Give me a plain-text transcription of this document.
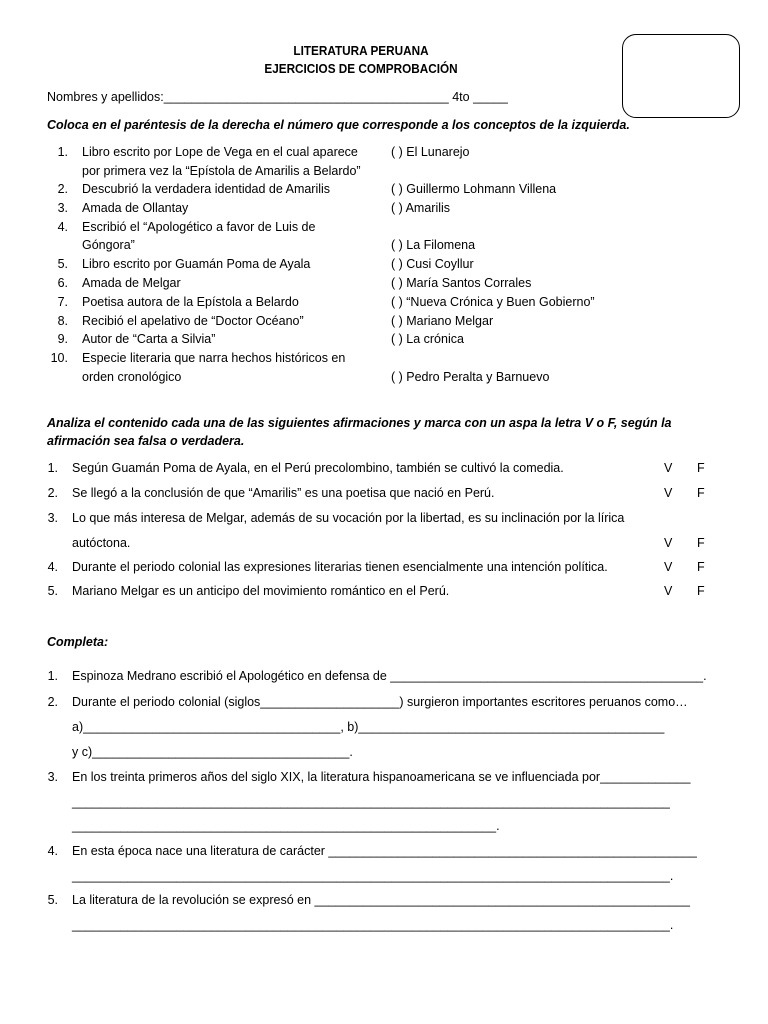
LITERATURA PERUANA
EJERCICIOS DE COMPROBACIÓN
Nombres y apellidos:_________________________________________ 4to _____
Coloca en el paréntesis de la derecha el número que corresponde a los conceptos de la izquierda.
1. Libro escrito por Lope de Vega en el cual aparece
por primera vez la “Epístola de Amarilis a Belardo”
( ) El Lunarejo
2. Descubrió la verdadera identidad de Amarilis	( ) Guillermo Lohmann Villena
3. Amada de Ollantay	( ) Amarilis
4. Escribió el “Apologético a favor de Luis de
Góngora”	( ) La Filomena
5. Libro escrito por Guamán Poma de Ayala	( ) Cusi Coyllur
6. Amada de Melgar	( ) María Santos Corrales
7. Poetisa autora de la Epístola a Belardo	( ) “Nueva Crónica y Buen Gobierno”
8. Recibió el apelativo de “Doctor Océano”	( ) Mariano Melgar
9. Autor de “Carta a Silvia”	( ) La crónica
10. Especie literaria que narra hechos históricos en
orden cronológico	( ) Pedro Peralta y Barnuevo
Analiza el contenido cada una de las siguientes afirmaciones y marca con un aspa la letra V o F, según la
afirmación sea falsa o verdadera.
1. Según Guamán Poma de Ayala, en el Perú precolombino, también se cultivó la comedia.	V F
2. Se llegó a la conclusión de que “Amarilis” es una poetisa que nació en Perú.	V F
3. Lo que más interesa de Melgar, además de su vocación por la libertad, es su inclinación por la lírica
autóctona.	V F
4. Durante el periodo colonial las expresiones literarias tienen esencialmente una intención política.	V F
5. Mariano Melgar es un anticipo del movimiento romántico en el Perú.	V F
Completa:
1. Espinoza Medrano escribió el Apologético en defensa de _____________________________________________.
2. Durante el periodo colonial (siglos____________________) surgieron importantes escritores peruanos como…
a)_____________________________________, b)____________________________________________
y c)_____________________________________.
3. En los treinta primeros años del siglo XIX, la literatura hispanoamericana se ve influenciada por_____________
______________________________________________________________________________________
_____________________________________________________________.
4. En esta época nace una literatura de carácter _____________________________________________________
______________________________________________________________________________________.
5. La literatura de la revolución se expresó en ______________________________________________________
______________________________________________________________________________________.
